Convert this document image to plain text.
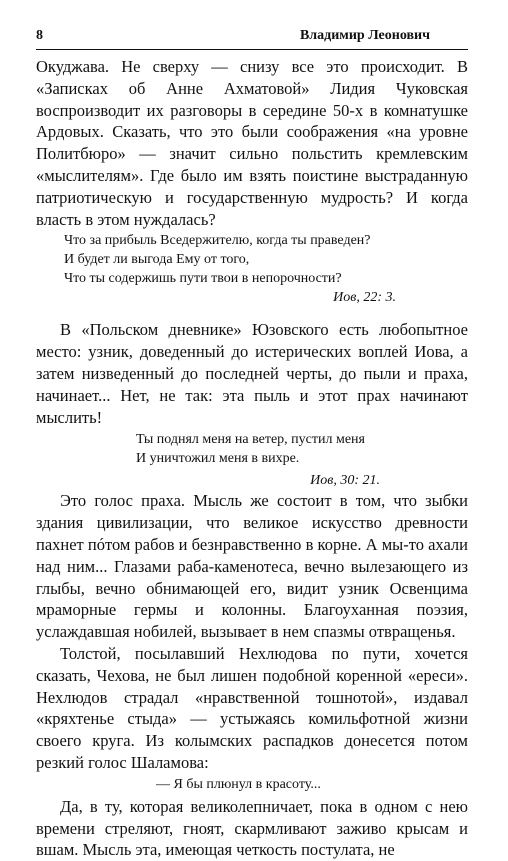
8	Владимир Леонович

Окуджава. Не сверху — снизу все это происходит. В «Записках об Анне Ахматовой» Лидия Чуковская воспроизводит их разговоры в середине 50-х в комнатушке Ардовых. Сказать, что это были соображения «на уровне Политбюро» — значит сильно польстить кремлевским «мыслителям». Где было им взять поистине выстраданную патриотическую и государственную мудрость? И когда власть в этом нуждалась?

Что за прибыль Вседержителю, когда ты праведен?
И будет ли выгода Ему от того,
Что ты содержишь пути твои в непорочности?

Иов, 22: 3.

В «Польском дневнике» Юзовского есть любопытное место: узник, доведенный до истерических воплей Иова, а затем низведенный до последней черты, до пыли и праха, начинает... Нет, не так: эта пыль и этот прах начинают мыслить!

Ты поднял меня на ветер, пустил меня
И уничтожил меня в вихре.

Иов, 30: 21.

Это голос праха. Мысль же состоит в том, что зыбки здания цивилизации, что великое искусство древности пахнет пóтом рабов и безнравственно в корне. А мы-то ахали над ним... Глазами раба-каменотеса, вечно вылезающего из глыбы, вечно обнимающей его, видит узник Освенцима мраморные гермы и колонны. Благоуханная поэзия, услаждавшая нобилей, вызывает в нем спазмы отвращенья.

Толстой, посылавший Нехлюдова по пути, хочется сказать, Чехова, не был лишен подобной коренной «ереси». Нехлюдов страдал «нравственной тошнотой», издавал «кряхтенье стыда» — устыжаясь комильфотной жизни своего круга. Из колымских распадков донесется потом резкий голос Шаламова:

— Я бы плюнул в красоту...

Да, в ту, которая великолепничает, пока в одном с нею времени стреляют, гноят, скармливают заживо крысам и вшам. Мысль эта, имеющая четкость постулата, не
